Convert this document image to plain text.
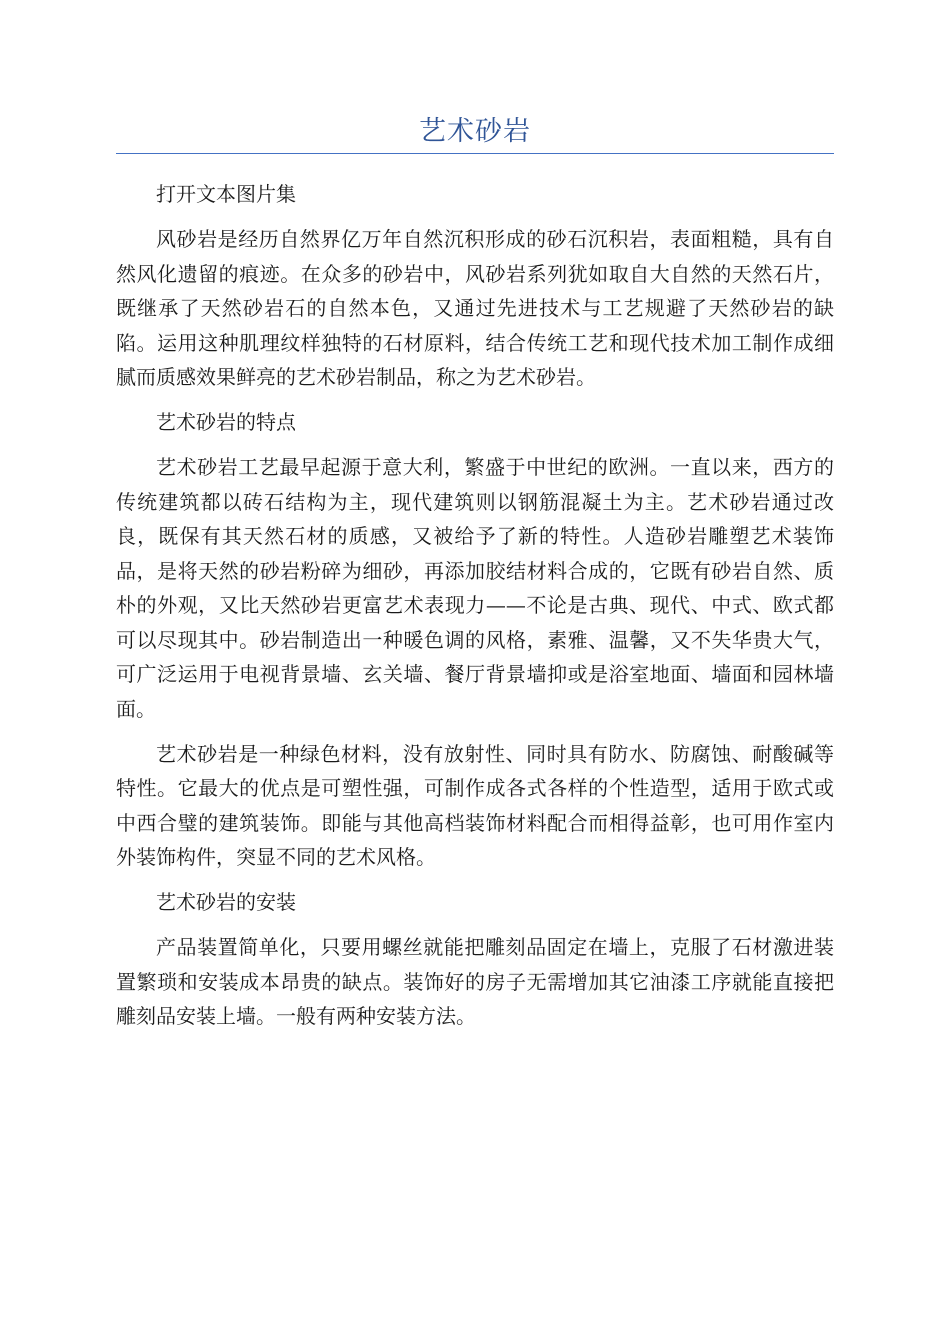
艺术砂岩

打开文本图片集

风砂岩是经历自然界亿万年自然沉积形成的砂石沉积岩，表面粗糙，具有自然风化遗留的痕迹。在众多的砂岩中，风砂岩系列犹如取自大自然的天然石片，既继承了天然砂岩石的自然本色，又通过先进技术与工艺规避了天然砂岩的缺陷。运用这种肌理纹样独特的石材原料，结合传统工艺和现代技术加工制作成细腻而质感效果鲜亮的艺术砂岩制品，称之为艺术砂岩。

艺术砂岩的特点

艺术砂岩工艺最早起源于意大利，繁盛于中世纪的欧洲。一直以来，西方的传统建筑都以砖石结构为主，现代建筑则以钢筋混凝土为主。艺术砂岩通过改良，既保有其天然石材的质感，又被给予了新的特性。人造砂岩雕塑艺术装饰品，是将天然的砂岩粉碎为细砂，再添加胶结材料合成的，它既有砂岩自然、质朴的外观，又比天然砂岩更富艺术表现力——不论是古典、现代、中式、欧式都可以尽现其中。砂岩制造出一种暖色调的风格，素雅、温馨，又不失华贵大气，可广泛运用于电视背景墙、玄关墙、餐厅背景墙抑或是浴室地面、墙面和园林墙面。

艺术砂岩是一种绿色材料，没有放射性、同时具有防水、防腐蚀、耐酸碱等特性。它最大的优点是可塑性强，可制作成各式各样的个性造型，适用于欧式或中西合璧的建筑装饰。即能与其他高档装饰材料配合而相得益彰，也可用作室内外装饰构件，突显不同的艺术风格。

艺术砂岩的安装

产品装置简单化，只要用螺丝就能把雕刻品固定在墙上，克服了石材激进装置繁琐和安装成本昂贵的缺点。装饰好的房子无需增加其它油漆工序就能直接把雕刻品安装上墙。一般有两种安装方法。
